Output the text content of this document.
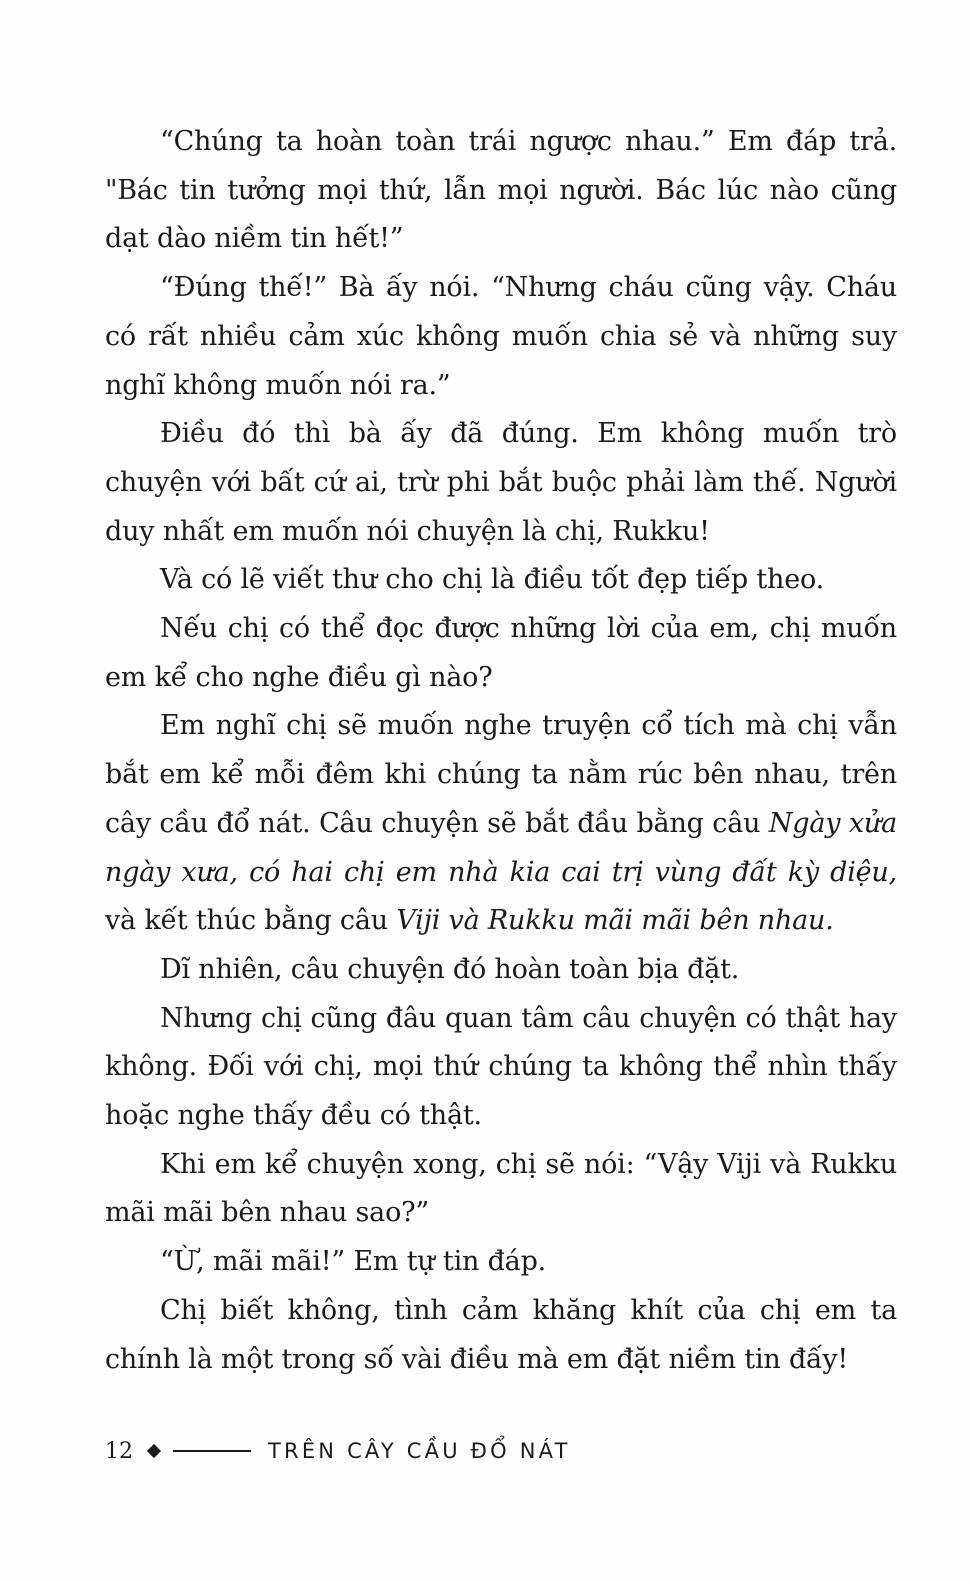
“Chúng ta hoàn toàn trái ngược nhau.” Em đáp trả. "Bác tin tưởng mọi thứ, lẫn mọi người. Bác lúc nào cũng dạt dào niềm tin hết!”

“Đúng thế!” Bà ấy nói. “Nhưng cháu cũng vậy. Cháu có rất nhiều cảm xúc không muốn chia sẻ và những suy nghĩ không muốn nói ra.”

Điều đó thì bà ấy đã đúng. Em không muốn trò chuyện với bất cứ ai, trừ phi bắt buộc phải làm thế. Người duy nhất em muốn nói chuyện là chị, Rukku!

Và có lẽ viết thư cho chị là điều tốt đẹp tiếp theo.

Nếu chị có thể đọc được những lời của em, chị muốn em kể cho nghe điều gì nào?

Em nghĩ chị sẽ muốn nghe truyện cổ tích mà chị vẫn bắt em kể mỗi đêm khi chúng ta nằm rúc bên nhau, trên cây cầu đổ nát. Câu chuyện sẽ bắt đầu bằng câu Ngày xửa ngày xưa, có hai chị em nhà kia cai trị vùng đất kỳ diệu, và kết thúc bằng câu Viji và Rukku mãi mãi bên nhau.

Dĩ nhiên, câu chuyện đó hoàn toàn bịa đặt.

Nhưng chị cũng đâu quan tâm câu chuyện có thật hay không. Đối với chị, mọi thứ chúng ta không thể nhìn thấy hoặc nghe thấy đều có thật.

Khi em kể chuyện xong, chị sẽ nói: “Vậy Viji và Rukku mãi mãi bên nhau sao?”

“Ừ, mãi mãi!” Em tự tin đáp.

Chị biết không, tình cảm khăng khít của chị em ta chính là một trong số vài điều mà em đặt niềm tin đấy!

12	TRÊN CÂY CẦU ĐỔ NÁT
